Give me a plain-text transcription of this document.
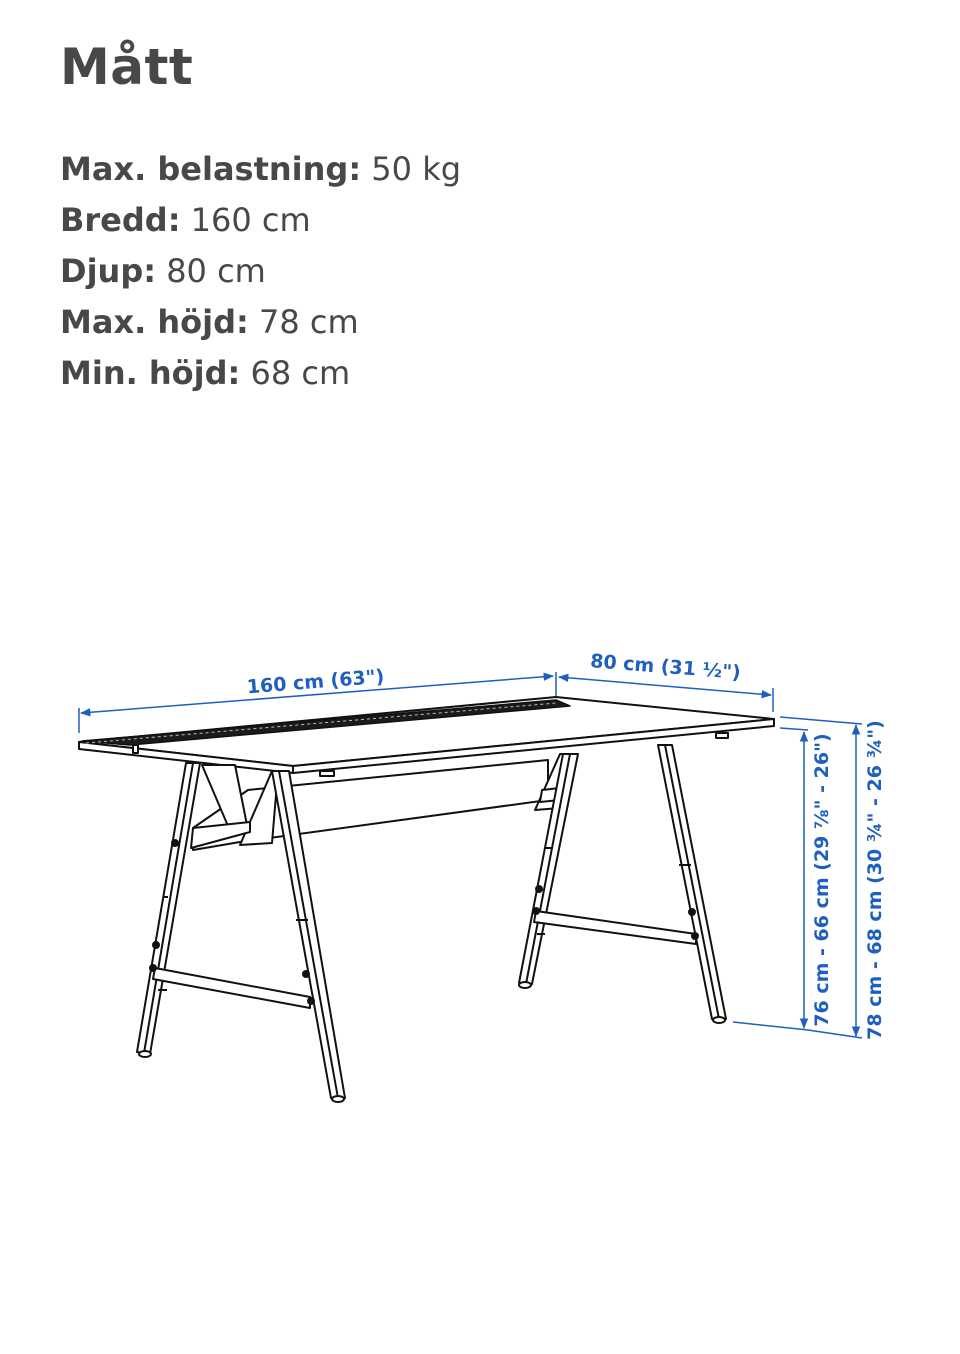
Mått
Max. belastning: 50 kg
Bredd: 160 cm
Djup: 80 cm
Max. höjd: 78 cm
Min. höjd: 68 cm
160 cm (63")	80 cm (31 ½")
76 cm - 66 cm (29 ⅞" - 26") 78 cm - 68 cm (30 ¾" - 26 ¾")
